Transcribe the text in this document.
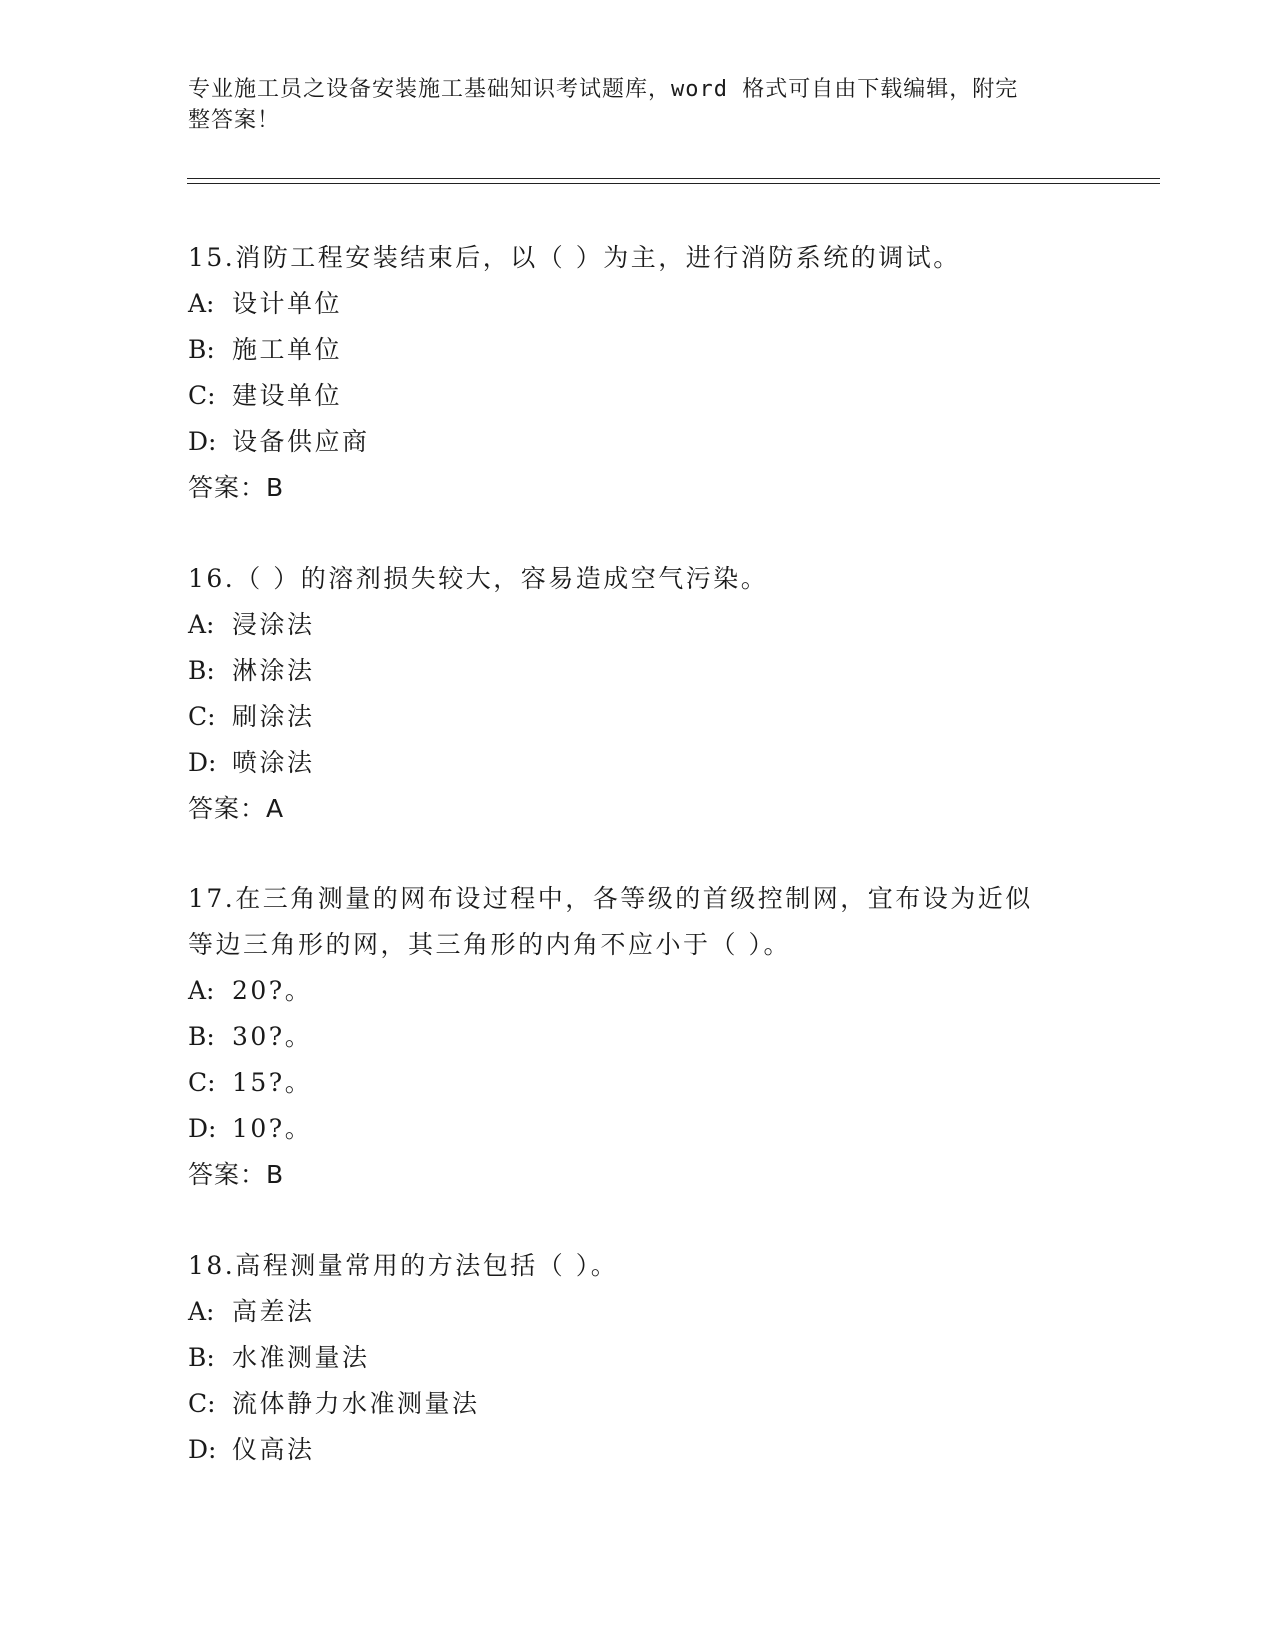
专业施工员之设备安装施工基础知识考试题库，word 格式可自由下载编辑，附完
整答案！

15.消防工程安装结束后，以（ ）为主，进行消防系统的调试。

A: 设计单位

B: 施工单位

C: 建设单位

D: 设备供应商

答案：B

16.（ ）的溶剂损失较大，容易造成空气污染。

A: 浸涂法

B: 淋涂法

C: 刷涂法

D: 喷涂法

答案：A

17.在三角测量的网布设过程中，各等级的首级控制网，宜布设为近似

等边三角形的网，其三角形的内角不应小于（ ）。

A: 20?。

B: 30?。

C: 15?。

D: 10?。

答案：B

18.高程测量常用的方法包括（ ）。

A: 高差法

B: 水准测量法

C: 流体静力水准测量法

D: 仪高法
